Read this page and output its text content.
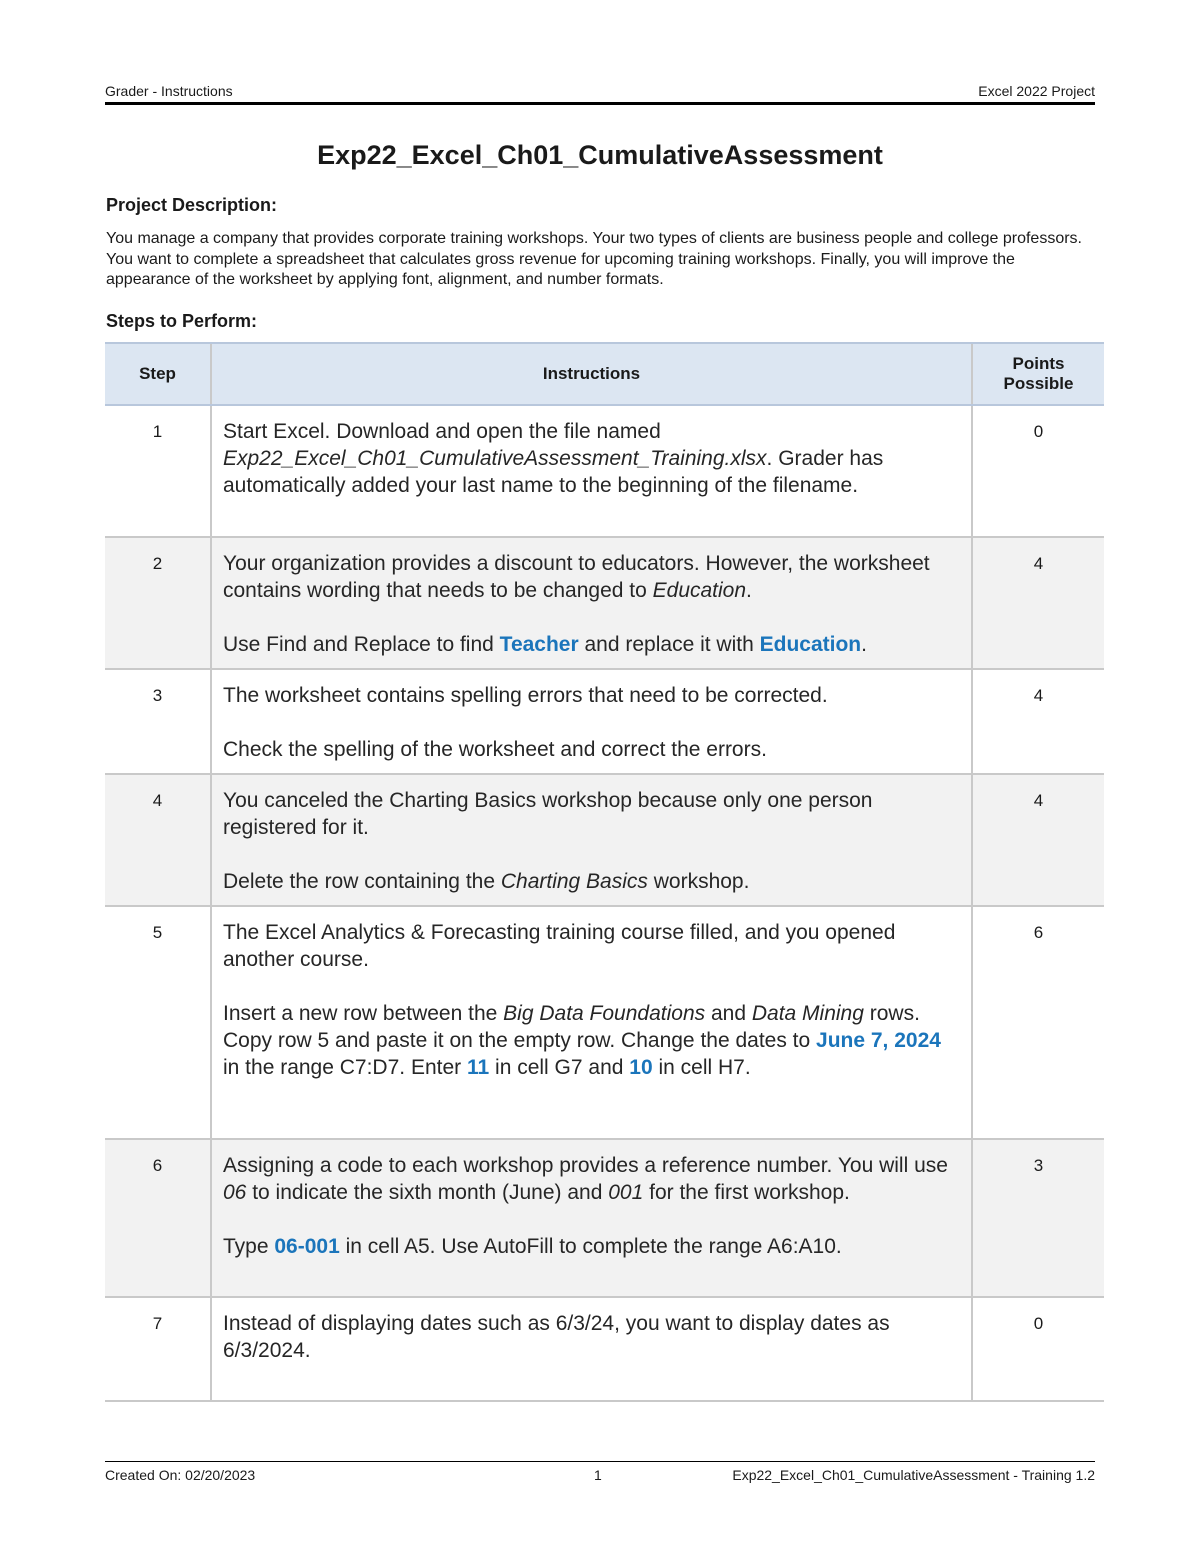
Grader - Instructions	Excel 2022 Project
Exp22_Excel_Ch01_CumulativeAssessment
Project Description:
You manage a company that provides corporate training workshops. Your two types of clients are business people and college professors. You want to complete a spreadsheet that calculates gross revenue for upcoming training workshops. Finally, you will improve the appearance of the worksheet by applying font, alignment, and number formats.
Steps to Perform:
Step	Instructions	Points
Possible
1	Start Excel. Download and open the file named Exp22_Excel_Ch01_CumulativeAssessment_Training.xlsx. Grader has automatically added your last name to the beginning of the filename.	0
2	Your organization provides a discount to educators. However, the worksheet contains wording that needs to be changed to Education.

Use Find and Replace to find Teacher and replace it with Education.	4
3	The worksheet contains spelling errors that need to be corrected.

Check the spelling of the worksheet and correct the errors.	4
4	You canceled the Charting Basics workshop because only one person registered for it.

Delete the row containing the Charting Basics workshop.	4
5	The Excel Analytics & Forecasting training course filled, and you opened another course.

Insert a new row between the Big Data Foundations and Data Mining rows. Copy row 5 and paste it on the empty row. Change the dates to June 7, 2024 in the range C7:D7. Enter 11 in cell G7 and 10 in cell H7.	6
6	Assigning a code to each workshop provides a reference number. You will use 06 to indicate the sixth month (June) and 001 for the first workshop.

Type 06-001 in cell A5. Use AutoFill to complete the range A6:A10.	3
7	Instead of displaying dates such as 6/3/24, you want to display dates as 6/3/2024.	0
Created On: 02/20/2023	1	Exp22_Excel_Ch01_CumulativeAssessment - Training 1.2
